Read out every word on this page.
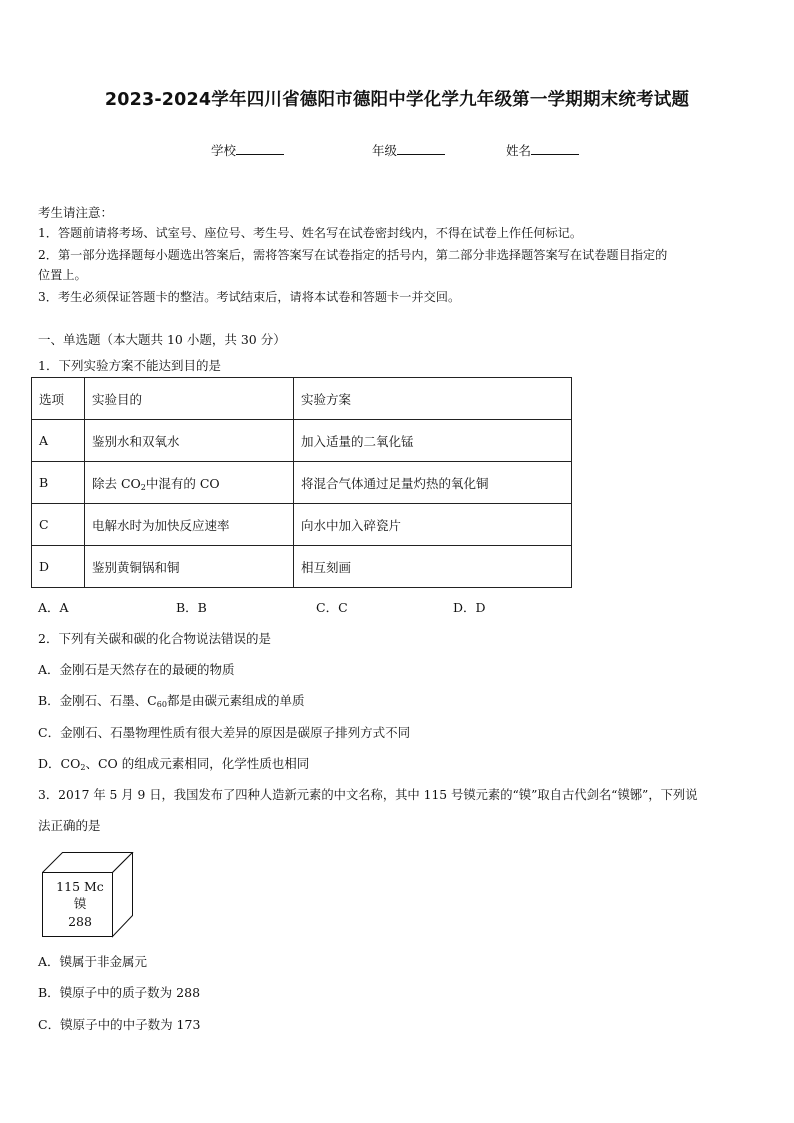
2023-2024学年四川省德阳市德阳中学化学九年级第一学期期末统考试题
学校	年级	姓名
考生请注意：
1．答题前请将考场、试室号、座位号、考生号、姓名写在试卷密封线内，不得在试卷上作任何标记。
2．第一部分选择题每小题选出答案后，需将答案写在试卷指定的括号内，第二部分非选择题答案写在试卷题目指定的
位置上。
3．考生必须保证答题卡的整洁。考试结束后，请将本试卷和答题卡一并交回。
一、单选题（本大题共 10 小题，共 30 分）
1．下列实验方案不能达到目的是
选项	实验目的	实验方案
A	鉴别水和双氧水	加入适量的二氧化锰
B	除去 $CO_2$中混有的 CO	将混合气体通过足量灼热的氧化铜
C	电解水时为加快反应速率	向水中加入碎瓷片
D	鉴别黄铜锅和铜	相互刻画
A．A	B．B	C．C	D．D
2．下列有关碳和碳的化合物说法错误的是
A．金刚石是天然存在的最硬的物质
B．金刚石、石墨、$C_{60}$都是由碳元素组成的单质
C．金刚石、石墨物理性质有很大差异的原因是碳原子排列方式不同
D．$CO_2$、CO 的组成元素相同，化学性质也相同
3．2017 年 5 月 9 日，我国发布了四种人造新元素的中文名称，其中 115 号镆元素的“镆”取自古代剑名“镆铘”，下列说
法正确的是
115 Mc
镆
288
A．镆属于非金属元
B．镆原子中的质子数为 288
C．镆原子中的中子数为 173
